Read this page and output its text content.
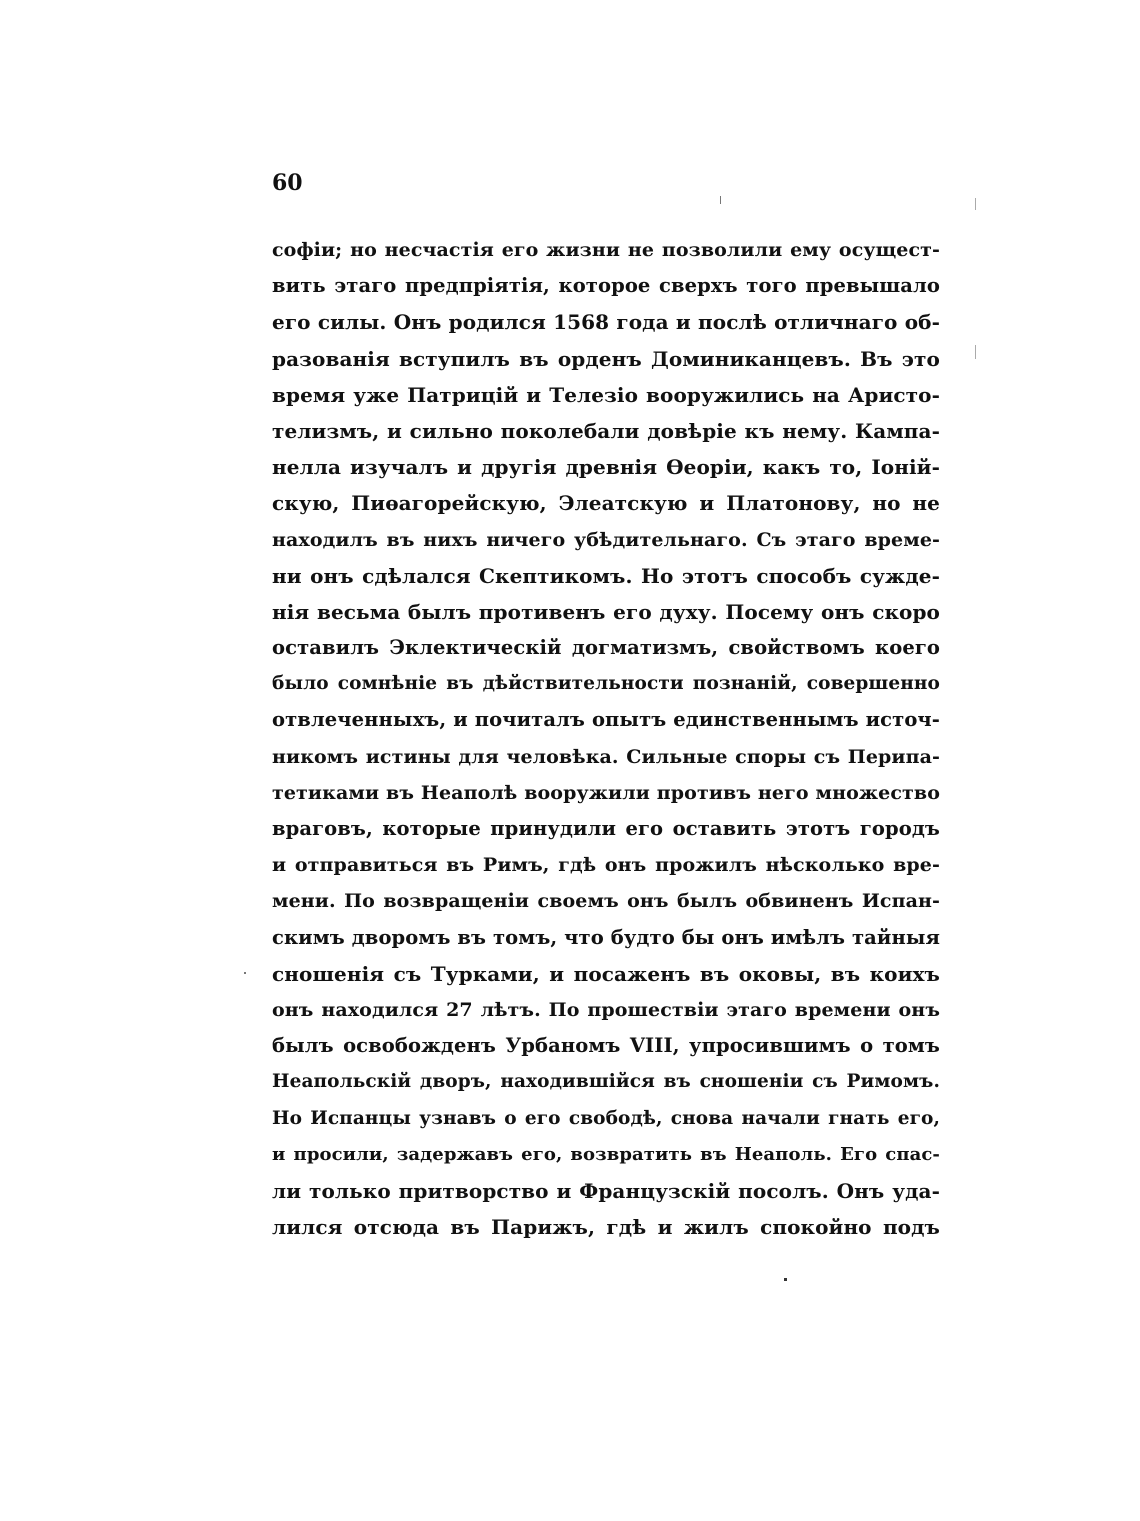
60
софіи; но несчастія его жизни не позволили ему осущест-
вить этаго предпріятія, которое сверхъ того превышало
его силы. Онъ родился 1568 года и послѣ отличнаго об-
разованія вступилъ въ орденъ Доминиканцевъ. Въ это
время уже Патрицій и Телезіо вооружились на Аристо-
телизмъ, и сильно поколебали довѣріе къ нему. Кампа-
нелла изучалъ и другія древнія Өеоріи, какъ то, Іоній-
скую, Пиөагорейскую, Элеатскую и Платонову, но не
находилъ въ нихъ ничего убѣдительнаго. Съ этаго време-
ни онъ сдѣлался Скептикомъ. Но этотъ способъ сужде-
нія весьма былъ противенъ его духу. Посему онъ скоро
оставилъ Эклектическій догматизмъ, свойствомъ коего
было сомнѣніе въ дѣйствительности познаній, совершенно
отвлеченныхъ, и почиталъ опытъ единственнымъ источ-
никомъ истины для человѣка. Сильные споры съ Перипа-
тетиками въ Неаполѣ вооружили противъ него множество
враговъ, которые принудили его оставить этотъ городъ
и отправиться въ Римъ, гдѣ онъ прожилъ нѣсколько вре-
мени. По возвращеніи своемъ онъ былъ обвиненъ Испан-
скимъ дворомъ въ томъ, что будто бы онъ имѣлъ тайныя
сношенія съ Турками, и посаженъ въ оковы, въ коихъ
онъ находился 27 лѣтъ. По прошествіи этаго времени онъ
былъ освобожденъ Урбаномъ VIII, упросившимъ о томъ
Неапольскій дворъ, находившійся въ сношеніи съ Римомъ.
Но Испанцы узнавъ о его свободѣ, снова начали гнать его,
и просили, задержавъ его, возвратить въ Неаполь. Его спас-
ли только притворство и Французскій посолъ. Онъ уда-
лился отсюда въ Парижъ, гдѣ и жилъ спокойно подъ
